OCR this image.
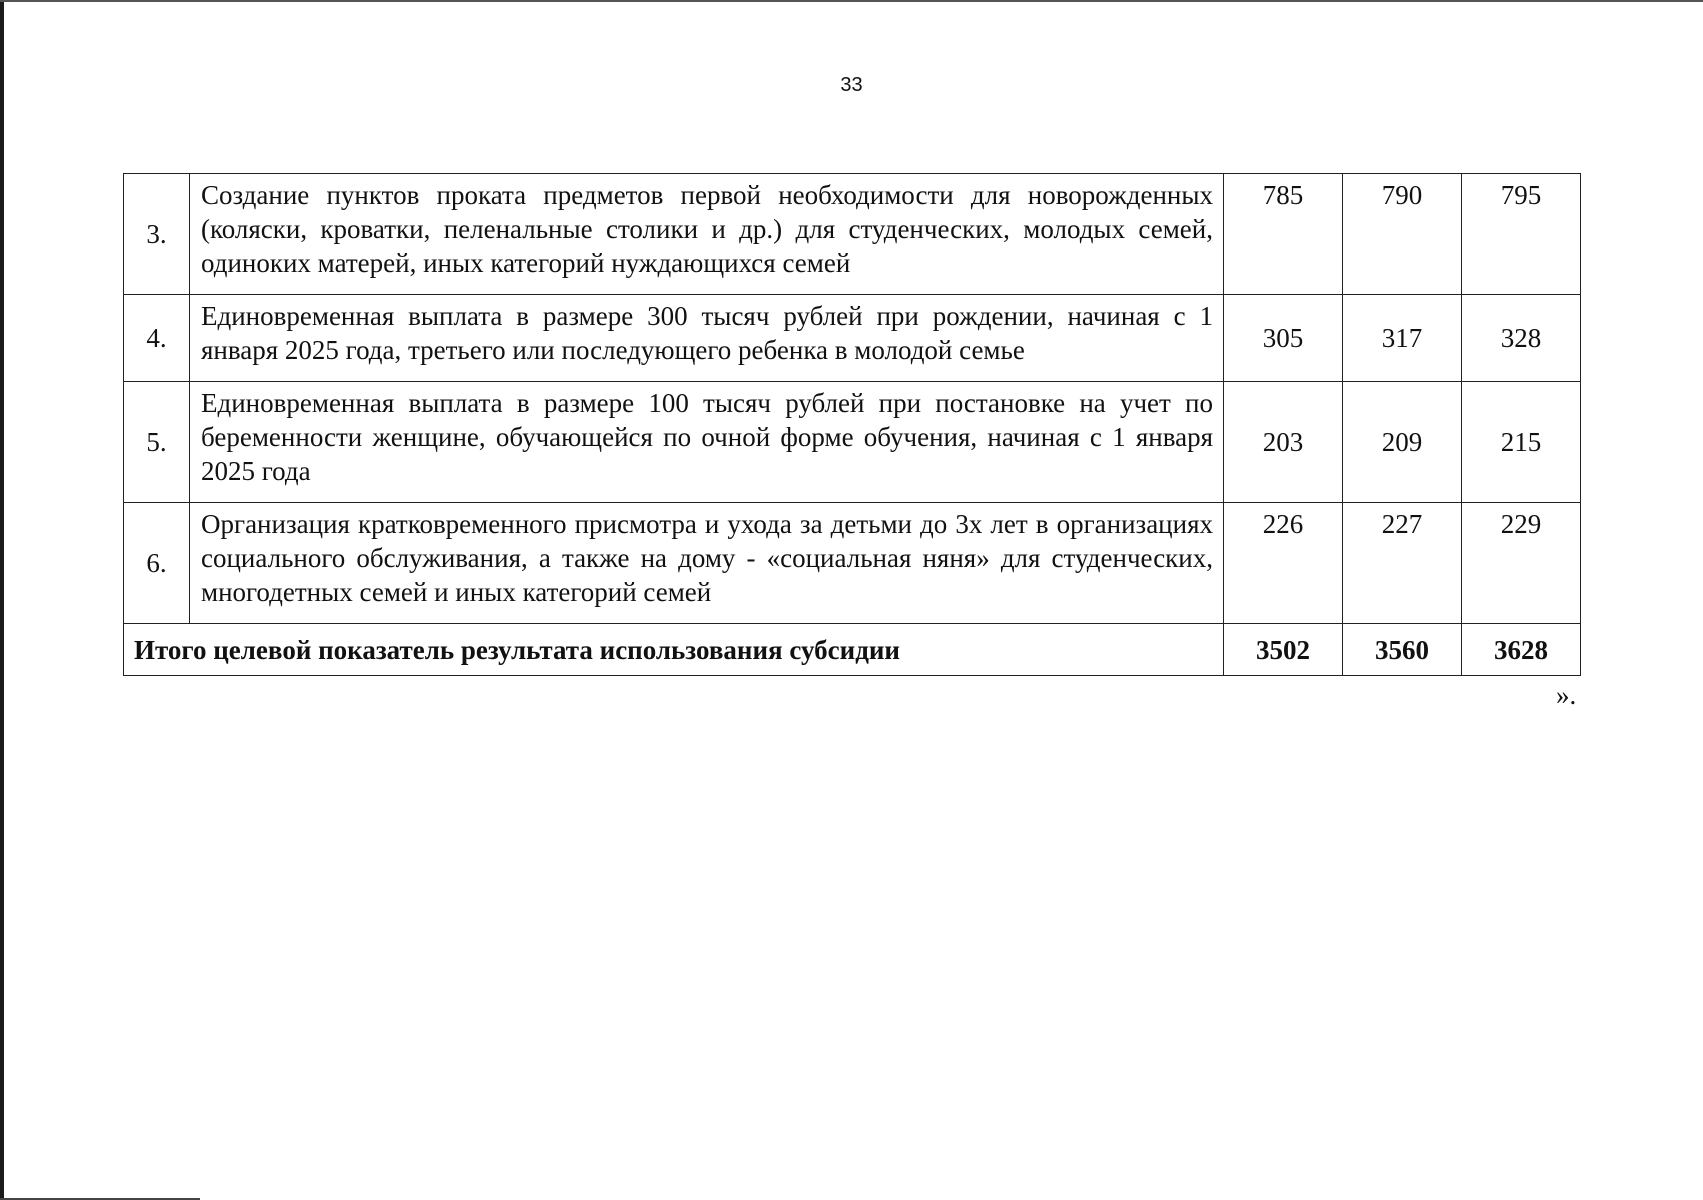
33
3.	Создание пунктов проката предметов первой необходимости для новорожденных (коляски, кроватки, пеленальные столики и др.) для студенческих, молодых семей, одиноких матерей, иных категорий нуждающихся семей	785	790	795
4.	Единовременная выплата в размере 300 тысяч рублей при рождении, начиная с 1 января 2025 года, третьего или последующего ребенка в молодой семье	305	317	328
5.	Единовременная выплата в размере 100 тысяч рублей при постановке на учет по беременности женщине, обучающейся по очной форме обучения, начиная с 1 января 2025 года	203	209	215
6.	Организация кратковременного присмотра и ухода за детьми до 3х лет в организациях социального обслуживания, а также на дому - «социальная няня» для студенческих, многодетных семей и иных категорий семей	226	227	229
Итого целевой показатель результата использования субсидии		3502	3560	3628
».
